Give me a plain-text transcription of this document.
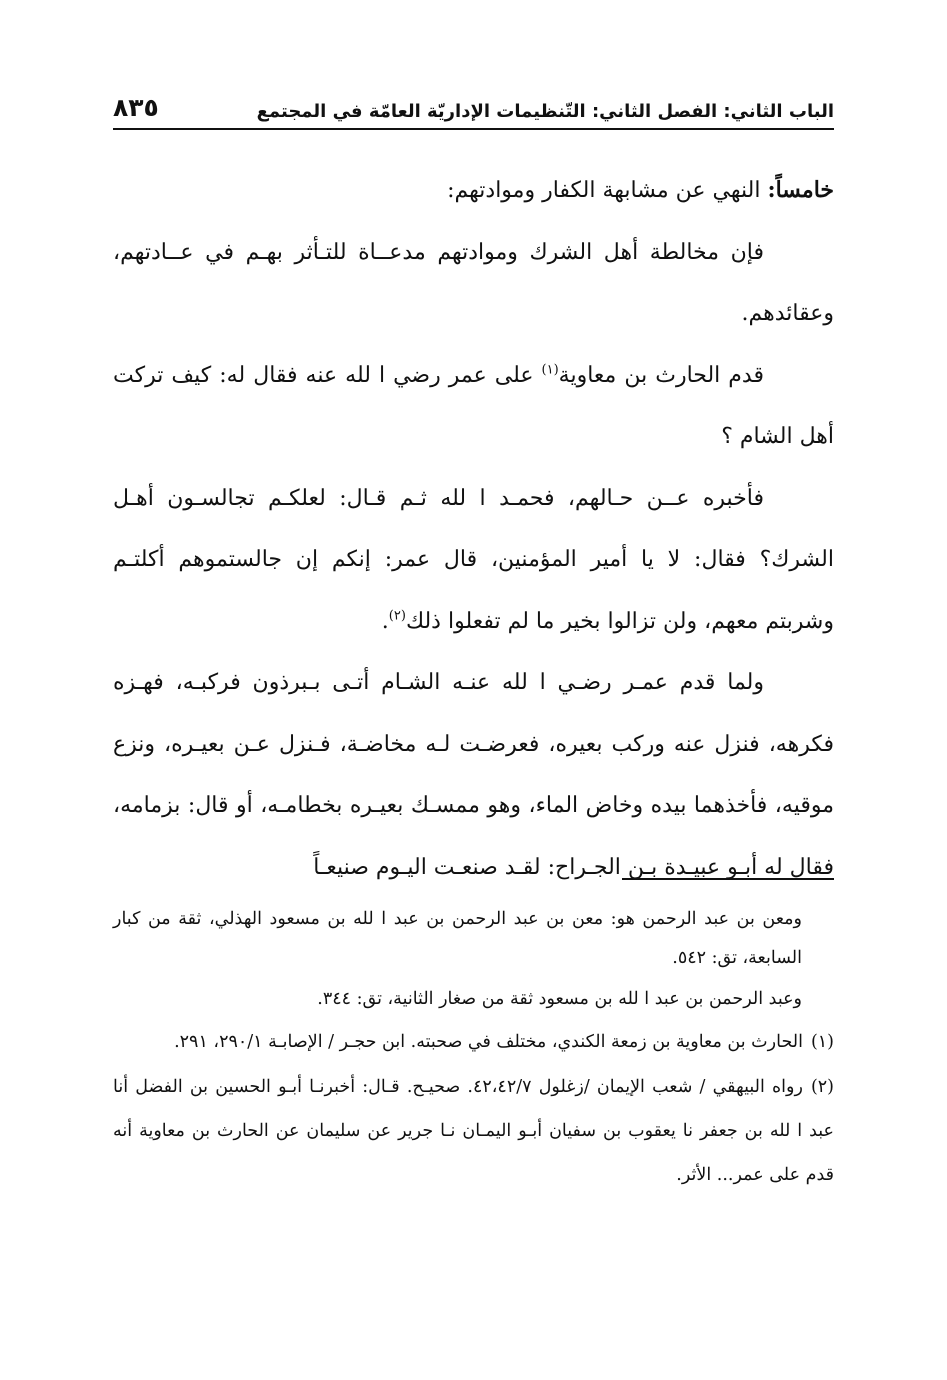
الباب الثاني: الفصل الثاني: التّنظيمات الإداريّة العامّة في المجتمع
٨٣٥

خامساً: النهي عن مشابهة الكفار وموادتهم:

فإن مخالطة أهل الشرك وموادتهم مدعــاة للتـأثر بهـم في عــادتهم، وعقائدهم.

قدم الحارث بن معاوية$^{(١)}$ على عمر رضي ا لله عنه فقال له: كيف تركت أهل الشام ؟

فأخبره عــن حـالهم، فحمـد ا لله ثـم قـال: لعلكـم تجالسـون أهـل الشرك؟ فقال: لا يا أمير المؤمنين، قال عمر: إنكم إن جالستموهم أكلتـم وشربتم معهم، ولن تزالوا بخير ما لم تفعلوا ذلك$^{(٢)}$.

ولما قدم عمـر رضـي ا لله عنـه الشـام أتـى بـبرذون فركبـه، فهـزه فكرهه، فنزل عنه وركب بعيره، فعرضـت لـه مخاضـة، فـنزل عـن بعيـره، ونزع موقيه، فأخذهما بيده وخاض الماء، وهو ممسـك بعيـره بخطامـه، أو قال: بزمامه، فقال له أبـو عبيـدة بـن الجـراح: لقـد صنعـت اليـوم صنيعـاً

ومعن بن عبد الرحمن هو: معن بن عبد الرحمن بن عبد ا لله بن مسعود الهذلي، ثقة من كبار السابعة، تق: ٥٤٢.

وعبد الرحمن بن عبد ا لله بن مسعود ثقة من صغار الثانية، تق: ٣٤٤.

(١)الحارث بن معاوية بن زمعة الكندي، مختلف في صحبته. ابن حجـر / الإصابـة ٢٩٠/١، ٢٩١.

(٢)رواه البيهقي / شعب الإيمان /زغلول ٤٢،٤٢/٧. صحيـح. قـال: أخبرنـا أبـو الحسين بن الفضل أنا عبد ا لله بن جعفر نا يعقوب بن سفيان أبـو اليمـان نـا جرير عن سليمان عن الحارث بن معاوية أنه قدم على عمر... الأثر.
